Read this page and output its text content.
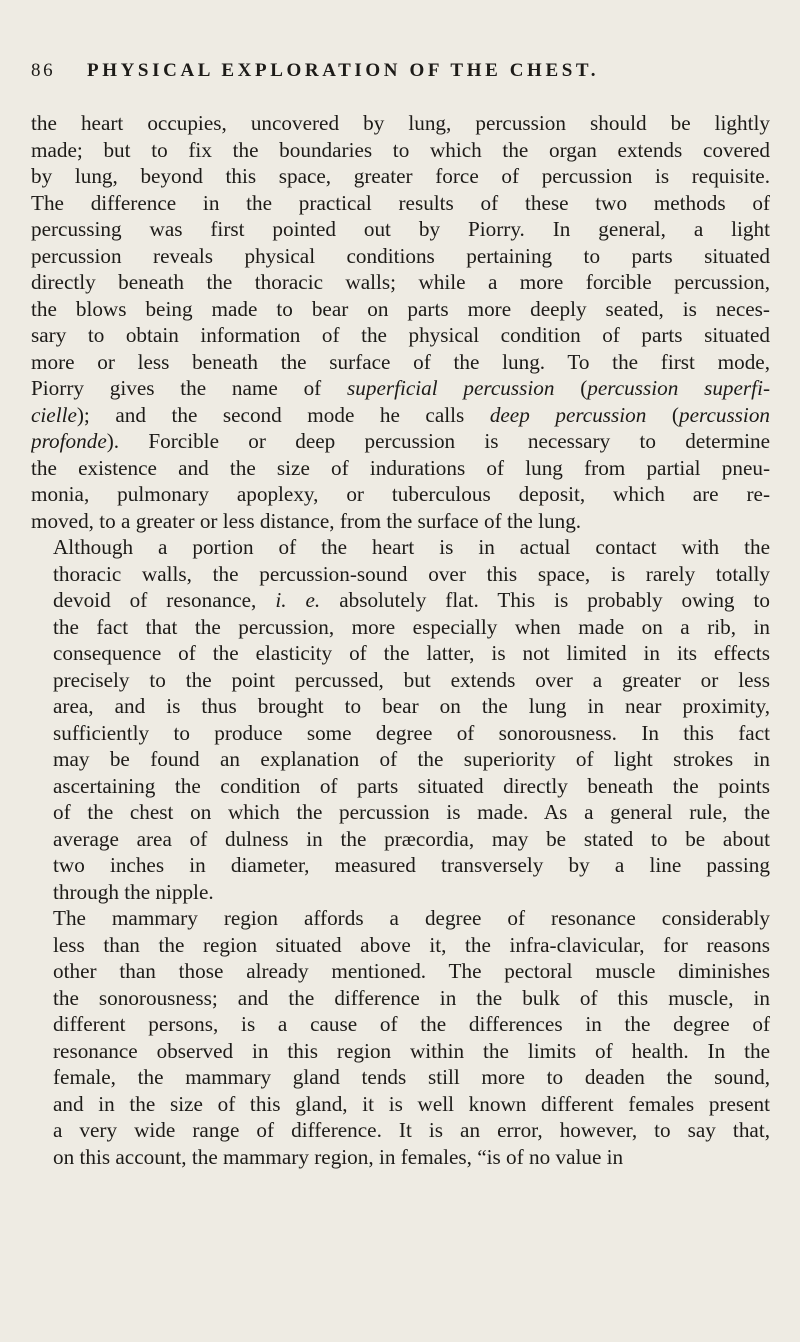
86 PHYSICAL EXPLORATION OF THE CHEST.

the heart occupies, uncovered by lung, percussion should be lightly
made; but to fix the boundaries to which the organ extends covered
by lung, beyond this space, greater force of percussion is requisite.
The difference in the practical results of these two methods of
percussing was first pointed out by Piorry. In general, a light
percussion reveals physical conditions pertaining to parts situated
directly beneath the thoracic walls; while a more forcible percussion,
the blows being made to bear on parts more deeply seated, is neces-
sary to obtain information of the physical condition of parts situated
more or less beneath the surface of the lung. To the first mode,
Piorry gives the name of superficial percussion (percussion superfi-
cielle); and the second mode he calls deep percussion (percussion
profonde). Forcible or deep percussion is necessary to determine
the existence and the size of indurations of lung from partial pneu-
monia, pulmonary apoplexy, or tuberculous deposit, which are re-
moved, to a greater or less distance, from the surface of the lung.

Although a portion of the heart is in actual contact with the
thoracic walls, the percussion-sound over this space, is rarely totally
devoid of resonance, i. e. absolutely flat. This is probably owing to
the fact that the percussion, more especially when made on a rib, in
consequence of the elasticity of the latter, is not limited in its effects
precisely to the point percussed, but extends over a greater or less
area, and is thus brought to bear on the lung in near proximity,
sufficiently to produce some degree of sonorousness. In this fact
may be found an explanation of the superiority of light strokes in
ascertaining the condition of parts situated directly beneath the points
of the chest on which the percussion is made. As a general rule, the
average area of dulness in the præcordia, may be stated to be about
two inches in diameter, measured transversely by a line passing
through the nipple.

The mammary region affords a degree of resonance considerably
less than the region situated above it, the infra-clavicular, for reasons
other than those already mentioned. The pectoral muscle diminishes
the sonorousness; and the difference in the bulk of this muscle, in
different persons, is a cause of the differences in the degree of
resonance observed in this region within the limits of health. In the
female, the mammary gland tends still more to deaden the sound,
and in the size of this gland, it is well known different females present
a very wide range of difference. It is an error, however, to say that,
on this account, the mammary region, in females, “is of no value in
